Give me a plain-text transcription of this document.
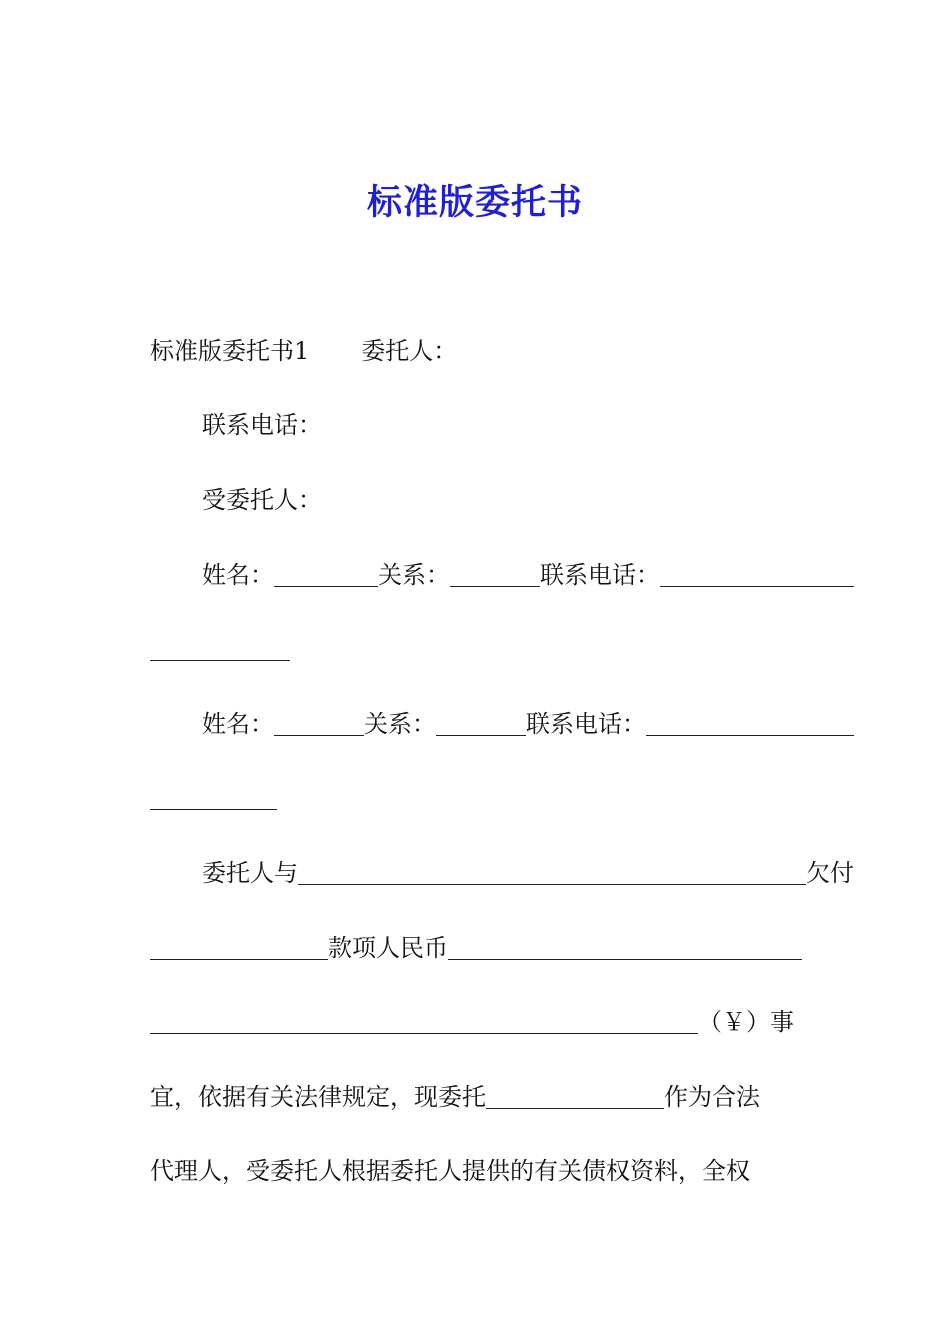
标准版委托书
标准版委托书1 委托人：
联系电话：
受委托人：
姓名：	关系：	联系电话：
姓名：	关系：	联系电话：
委托人与	欠付
款项人民币
（￥）事
宜，依据有关法律规定，现委托	作为合法
代理人，受委托人根据委托人提供的有关债权资料，全权
